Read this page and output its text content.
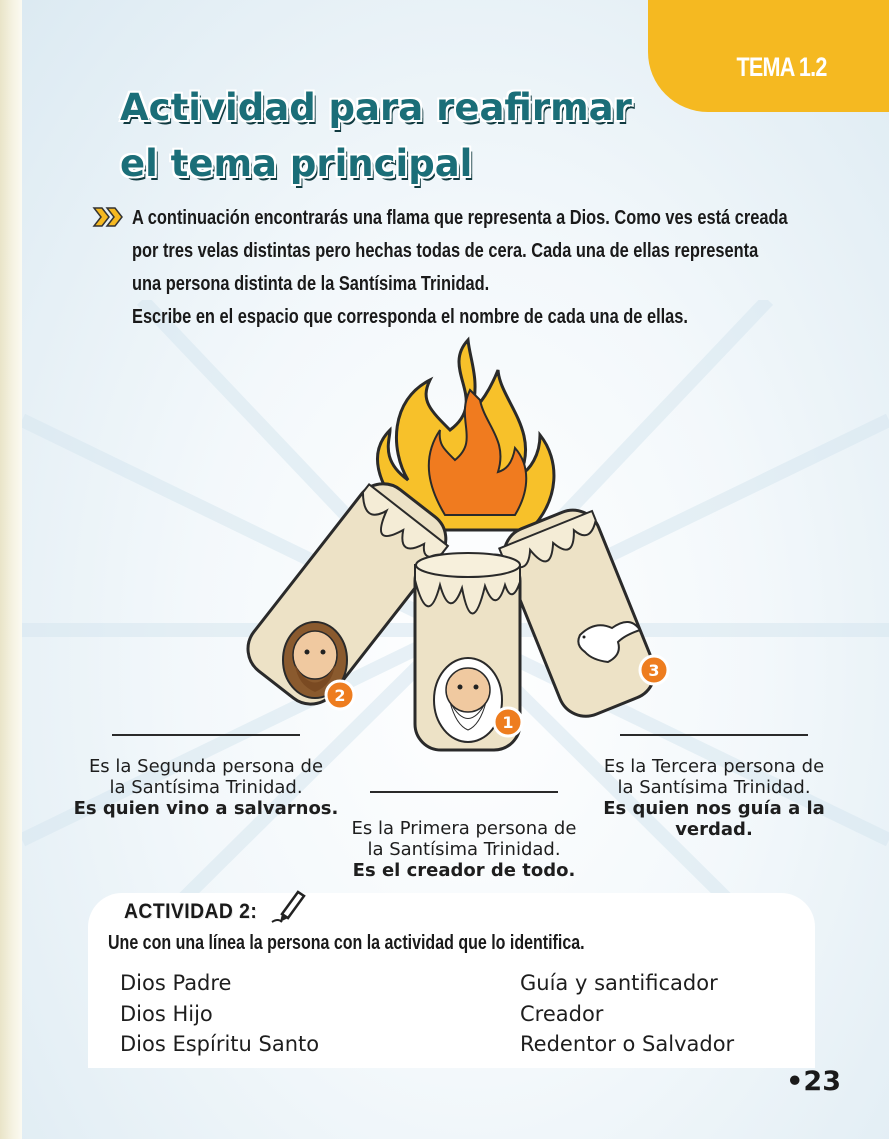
TEMA 1.2
Actividad para reafirmar
el tema principal

A continuación encontrarás una flama que representa a Dios. Como ves está creada

por tres velas distintas pero hechas todas de cera. Cada una de ellas representa

una persona distinta de la Santísima Trinidad.

Escribe en el espacio que corresponda el nombre de cada una de ellas.

2
1
3
Es la Segunda persona de
la Santísima Trinidad.
Es quien vino a salvarnos.
Es la Primera persona de
la Santísima Trinidad.
Es el creador de todo.
Es la Tercera persona de
la Santísima Trinidad.
Es quien nos guía a la
verdad.
ACTIVIDAD 2:
Une con una línea la persona con la actividad que lo identifica.
Dios Padre
Dios Hijo
Dios Espíritu Santo
Guía y santificador
Creador
Redentor o Salvador
•23
